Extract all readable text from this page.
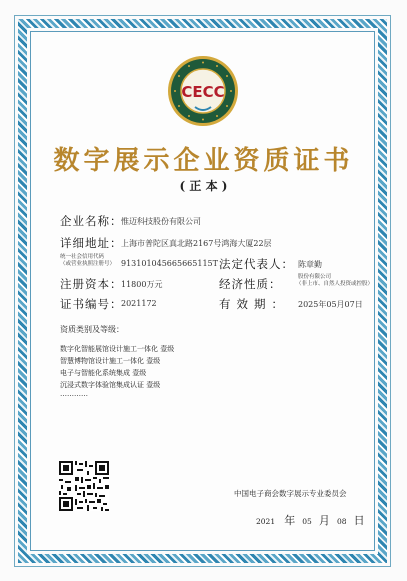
CECC
数字展示企业资质证书
( 正 本 )
企业名称：
惟迈科技股份有限公司
详细地址：
上海市普陀区真北路2167号鸿海大厦22层
统一社会信用代码
（或营业执照注册号） 913101045665665115T 法定代表人： 陈章勤
注册资本：
11800万元	经济性质：	股份有限公司
（非上市、自然人投资或控股）
证书编号：
2021172	有效期： 2025年05月07日
资质类别及等级：
数字化智能展馆设计施工一体化 壹级
智慧博物馆设计施工一体化 壹级
电子与智能化系统集成 壹级
沉浸式数字体验馆集成认证 壹级
…………
中国电子商会数字展示专业委员会
2021 年 05 月 08 日
